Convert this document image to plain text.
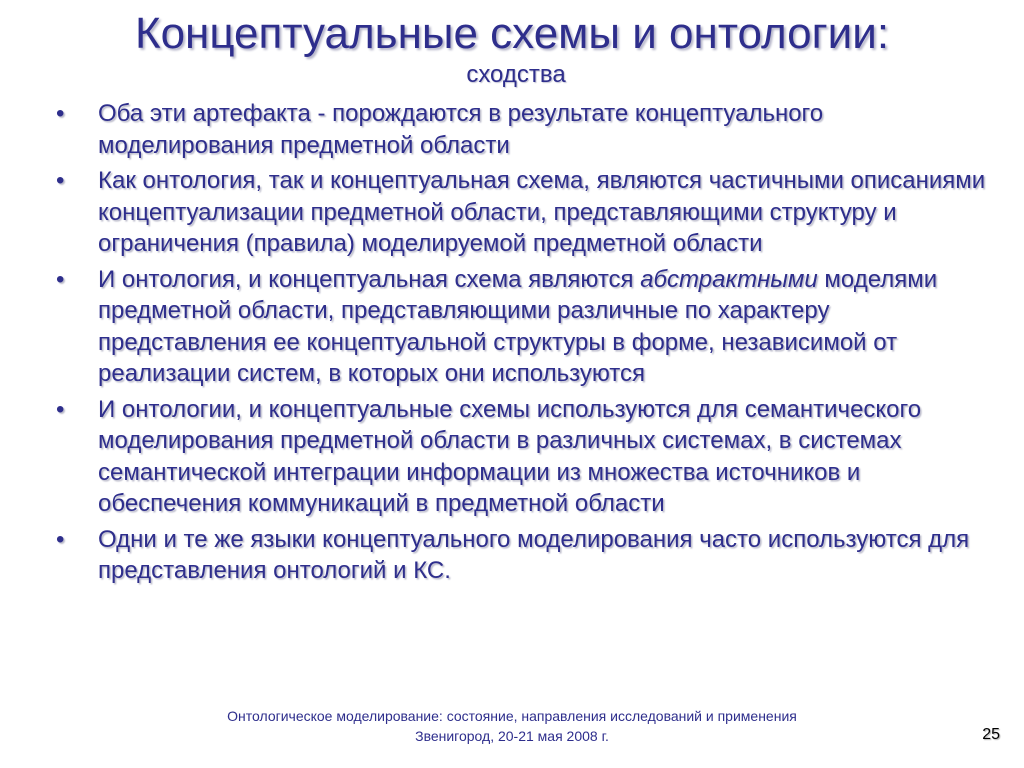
Концептуальные схемы и онтологии:
сходства
• Оба эти артефакта - порождаются в результате концептуального моделирования предметной области
• Как онтология, так и концептуальная схема, являются частичными описаниями концептуализации предметной области, представляющими структуру и ограничения (правила) моделируемой предметной области
• И онтология, и концептуальная схема являются абстрактными моделями предметной области, представляющими различные по характеру представления ее концептуальной структуры в форме, независимой от реализации систем, в которых они используются
• И онтологии, и концептуальные схемы используются для семантического моделирования предметной области в различных системах, в системах семантической интеграции информации из множества источников и обеспечения коммуникаций в предметной области
• Одни и те же языки концептуального моделирования часто используются для представления онтологий и КС.
Онтологическое моделирование: состояние, направления исследований и применения
Звенигород, 20-21 мая 2008 г.	25
